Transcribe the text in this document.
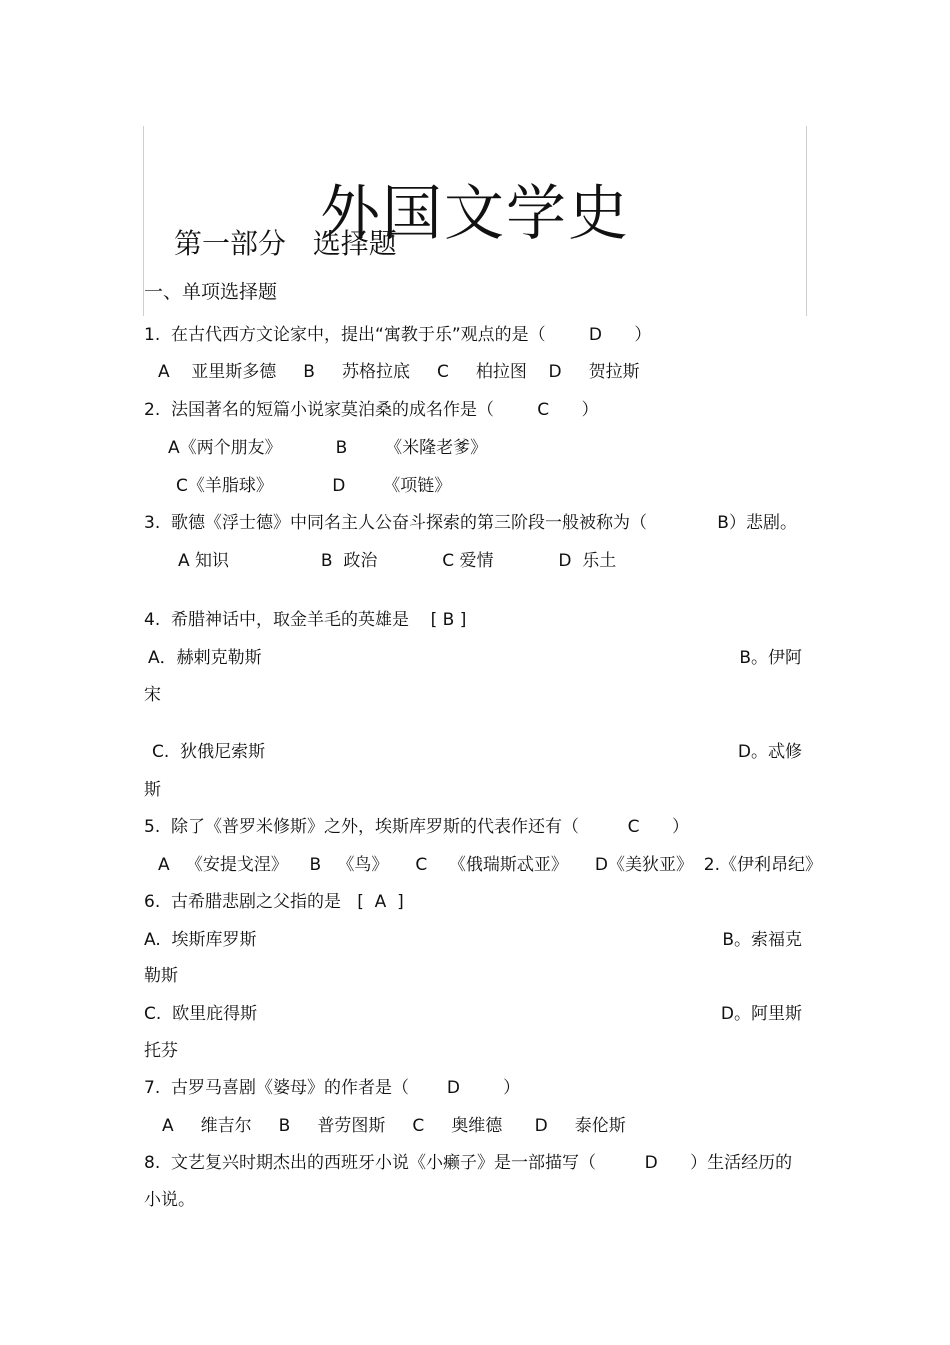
外国文学史
第一部分   选择题
一、单项选择题
1.  在古代西方文论家中，提出“寓教于乐”观点的是（        D      ）
A    亚里斯多德     B     苏格拉底     C     柏拉图    D     贺拉斯
2.  法国著名的短篇小说家莫泊桑的成名作是（        C      ）
A《两个朋友》          B       《米隆老爹》
C《羊脂球》           D       《项链》
3.  歌德《浮士德》中同名主人公奋斗探索的第三阶段一般被称为（             B）悲剧。
A 知识                 B  政治            C 爱情            D  乐土
4.  希腊神话中，取金羊毛的英雄是    [ B ]
A．赫剌克勒斯	B。伊阿
宋
C.  狄俄尼索斯	D。忒修
斯
5.  除了《普罗米修斯》之外，埃斯库罗斯的代表作还有（         C      ）
A   《安提戈涅》    B   《鸟》     C    《俄瑞斯忒亚》     D《美狄亚》  2.《伊利昂纪》
6.  古希腊悲剧之父指的是   [  A  ]
A.  埃斯库罗斯	B。索福克
勒斯
C.  欧里庇得斯	D。阿里斯
托芬
7.  古罗马喜剧《婆母》的作者是（       D        ）
A     维吉尔     B     普劳图斯     C     奥维德      D     泰伦斯
8.  文艺复兴时期杰出的西班牙小说《小癞子》是一部描写（         D      ）生活经历的
小说。
